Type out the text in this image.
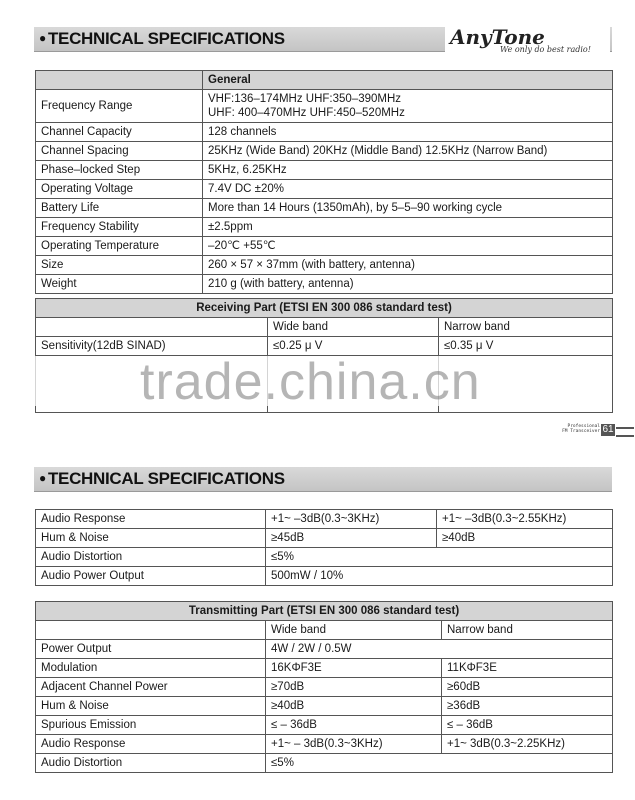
● TECHNICAL SPECIFICATIONS	AnyTone
We only do best radio!
	General
Frequency Range	VHF:136–174MHz UHF:350–390MHz
UHF: 400–470MHz UHF:450–520MHz

Channel Capacity	128 channels
Channel Spacing	25KHz (Wide Band) 20KHz (Middle Band) 12.5KHz (Narrow Band)
Phase–locked Step	5KHz, 6.25KHz
Operating Voltage	7.4V DC ±20%
Battery Life	More than 14 Hours (1350mAh), by 5–5–90 working cycle
Frequency Stability	±2.5ppm
Operating Temperature	–20℃ +55℃
Size	260 × 57 × 37mm (with battery, antenna)
Weight	210 g (with battery, antenna)
Receiving Part (ETSI EN 300 086 standard test)		
	Wide band	Narrow band
Sensitivity(12dB SINAD)	≤0.25 μ V	≤0.35 μ V

trade.china.cn
Professional
FM Transceiver 61
● TECHNICAL SPECIFICATIONS
Audio Response	+1~ –3dB(0.3~3KHz)	+1~ –3dB(0.3~2.55KHz)
Hum & Noise	≥45dB	≥40dB
Audio Distortion	≤5%	
Audio Power Output	500mW / 10%	
Transmitting Part (ETSI EN 300 086 standard test)		
	Wide band	Narrow band
Power Output	4W / 2W / 0.5W	
Modulation	16KΦF3E	11KΦF3E
Adjacent Channel Power	≥70dB	≥60dB
Hum & Noise	≥40dB	≥36dB
Spurious Emission	≤ – 36dB	≤ – 36dB
Audio Response	+1~ – 3dB(0.3~3KHz)	+1~ 3dB(0.3~2.25KHz)
Audio Distortion	≤5%	
